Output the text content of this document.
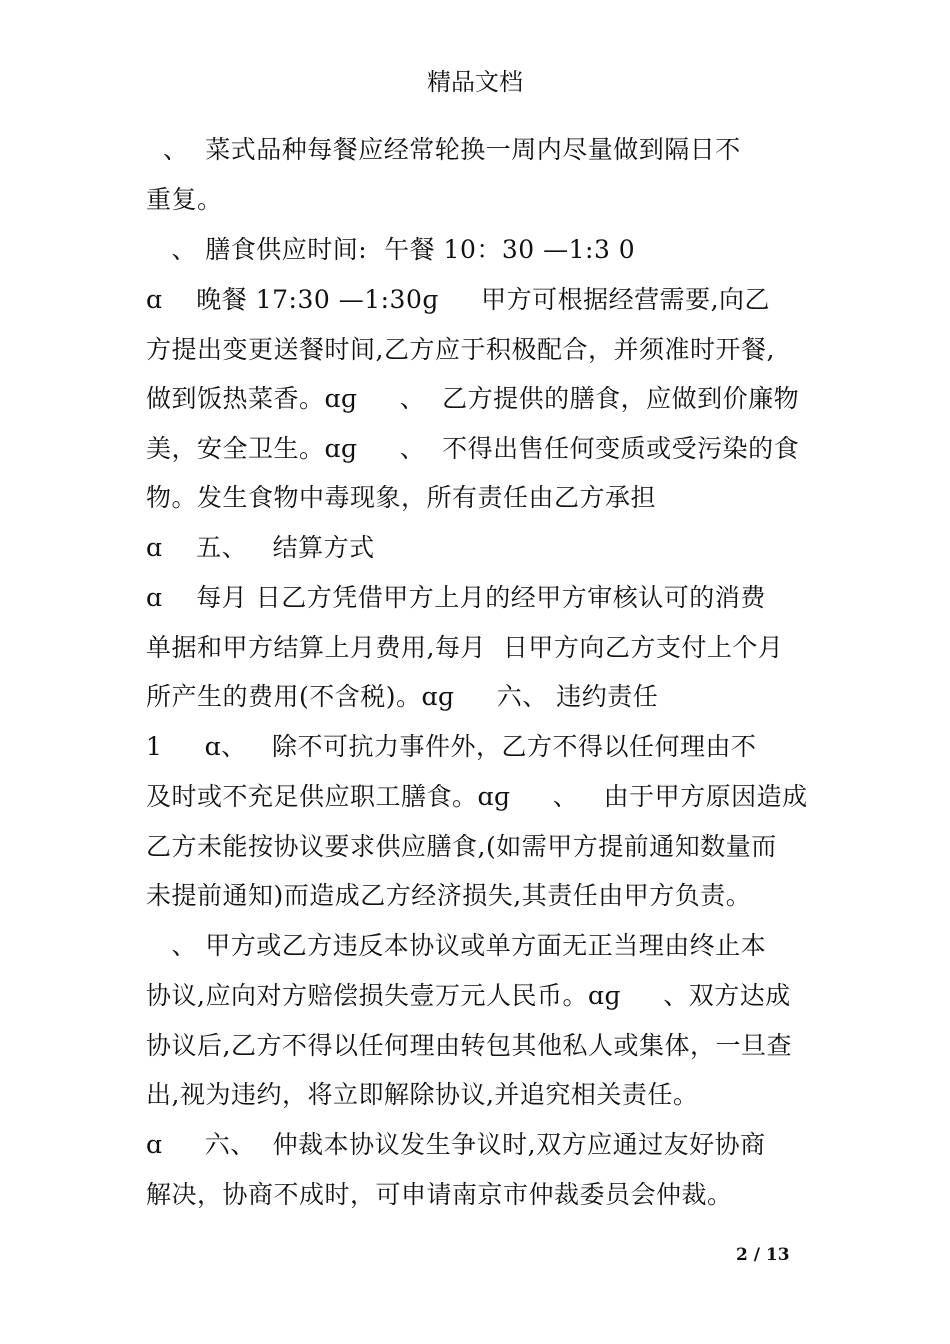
精品文档
、  菜式品种每餐应经常轮换一周内尽量做到隔日不
重复。
、 膳食供应时间:  午餐 10：30 —1:3 0
ɑ    晚餐 17:30 —1:30ɡ     甲方可根据经营需要,向乙
方提出变更送餐时间,乙方应于积极配合，并须准时开餐,
做到饭热菜香。ɑɡ     、  乙方提供的膳食，应做到价廉物
美，安全卫生。ɑɡ     、  不得出售任何变质或受污染的食
物。发生食物中毒现象，所有责任由乙方承担
ɑ    五、   结算方式
ɑ    每月 日乙方凭借甲方上月的经甲方审核认可的消费
单据和甲方结算上月费用,每月  日甲方向乙方支付上个月
所产生的费用(不含税)。ɑɡ     六、 违约责任
1     ɑ、   除不可抗力事件外，乙方不得以任何理由不
及时或不充足供应职工膳食。ɑɡ     、   由于甲方原因造成
乙方未能按协议要求供应膳食,(如需甲方提前通知数量而
未提前通知)而造成乙方经济损失,其责任由甲方负责。
、 甲方或乙方违反本协议或单方面无正当理由终止本
协议,应向对方赔偿损失壹万元人民币。ɑɡ     、双方达成
协议后,乙方不得以任何理由转包其他私人或集体，一旦查
出,视为违约，将立即解除协议,并追究相关责任。
ɑ     六、  仲裁本协议发生争议时,双方应通过友好协商
解决，协商不成时，可申请南京市仲裁委员会仲裁。
2 / 13
